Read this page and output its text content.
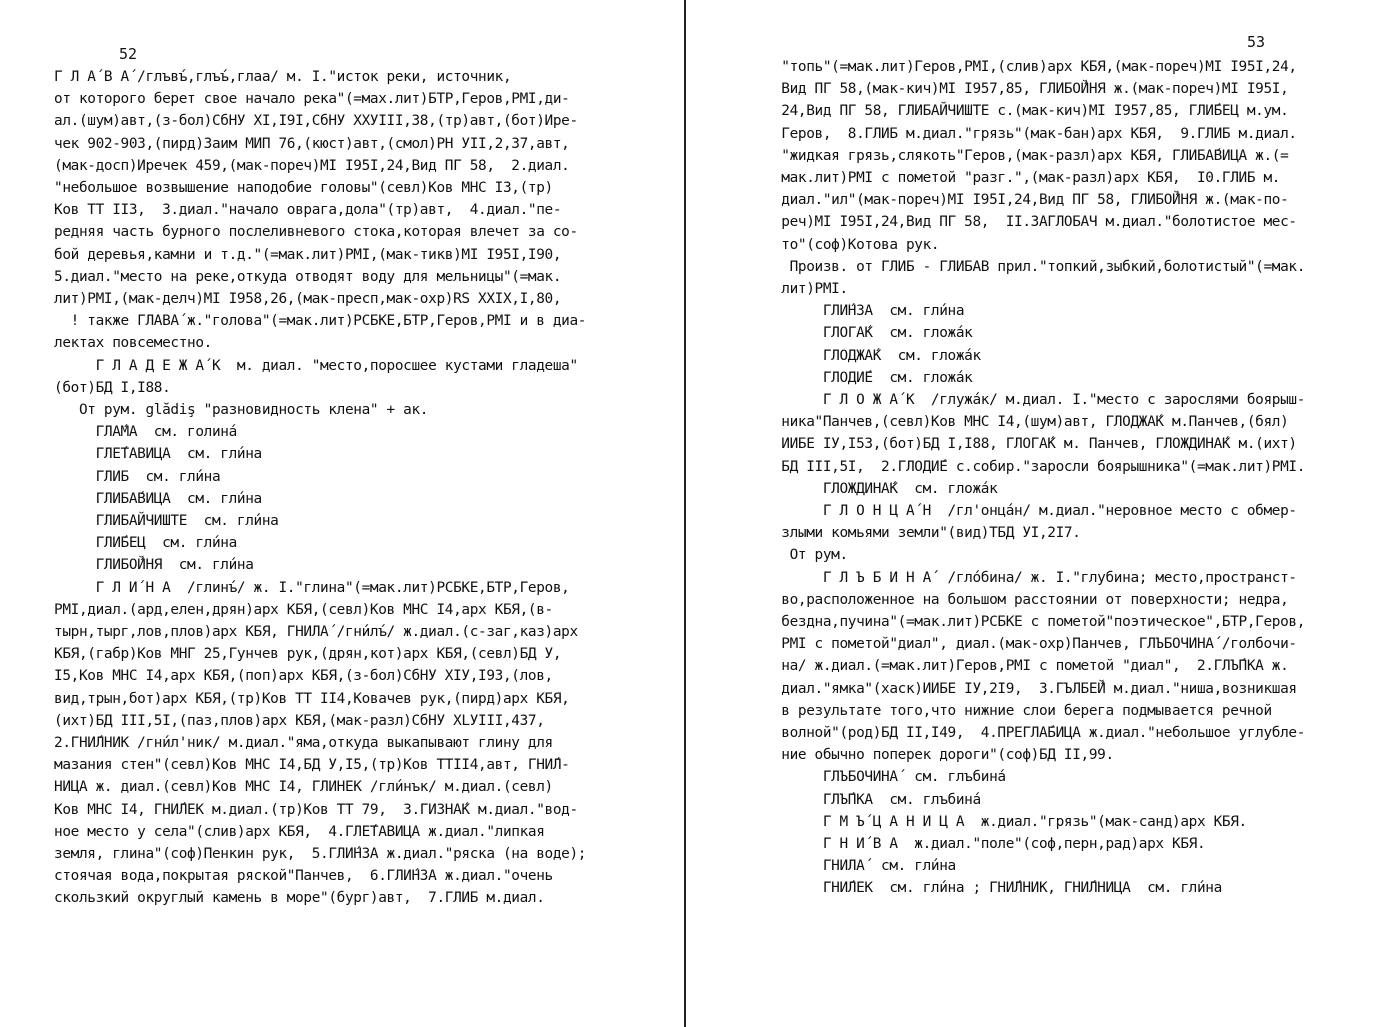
52
Г Л А́ В А́ /глъвъ́,глъъ́,глаа/ м. I."исток реки, источник,
от которого берет свое начало река"(=мах.лит)БТР,Геров,РМI,ди-
ал.(шум)авт,(з-бол)СбНУ ХI,I9I,СбНУ ХХУIII,38,(тр)авт,(бот)Ире-
чек 902-903,(пирд)Заим МИП 76,(кюст)авт,(смол)РН УII,2,37,авт,
(мак-досп)Иречек 459,(мак-пореч)МI I95I,24,Вид ПГ 58,  2.диал.
"небольшое возвышение наподобие головы"(севл)Ков МНС I3,(тр)
Ков ТТ II3,  3.диал."начало оврага,дола"(тр)авт,  4.диал."пе-
редняя часть бурного послеливневого стока,которая влечет за со-
бой деревья,камни и т.д."(=мак.лит)РМI,(мак-тикв)МI I95I,I90,
5.диал."место на реке,откуда отводят воду для мельницы"(=мак.
лит)РМI,(мак-делч)МI I958,26,(мак-пресп,мак-охр)RS ХХIХ,I,80,
! также ГЛАВА́ ж."голова"(=мак.лит)РСБКЕ,БТР,Геров,РМI и в диа-
лектах повсеместно.
Г Л А Д Е Ж А́ К  м. диал. "место,поросшее кустами гладеша"
(бот)БД I,I88.
От рум. glădiş "разновидность клена" + ак.
ГЛА́МА  см. голина́
ГЛЕ́ТАВИЦА  см. гли́на
ГЛИБ  см. гли́на
ГЛИБА́ВИЦА  см. гли́на
ГЛИБАЙЧИШТЕ  см. гли́на
ГЛИ́БЕЦ  см. гли́на
ГЛИБО́ЙНЯ  см. гли́на
Г Л И́ Н А  /глинъ́/ ж. I."глина"(=мак.лит)РСБКЕ,БТР,Геров,
РМI,диал.(ард,елен,дрян)арх КБЯ,(севл)Ков МНС I4,арх КБЯ,(в-
тырн,тырг,лов,плов)арх КБЯ, ГНИЛА́ /гни́лъ́/ ж.диал.(с-заг,каз)арх
КБЯ,(габр)Ков МНГ 25,Гунчев рук,(дрян,кот)арх КБЯ,(севл)БД У,
I5,Ков МНС I4,арх КБЯ,(поп)арх КБЯ,(з-бол)СбНУ ХIУ,I93,(лов,
вид,трын,бот)арх КБЯ,(тр)Ков ТТ II4,Ковачев рук,(пирд)арх КБЯ,
(ихт)БД III,5I,(паз,плов)арх КБЯ,(мак-разл)СбНУ ХLУIII,437,
2.ГНИ́ЛНИК /гни́л'ник/ м.диал."яма,откуда выкапывают глину для
мазания стен"(севл)Ков МНС I4,БД У,I5,(тр)Ков ТТII4,авт, ГНИ́Л-
НИЦА ж. диал.(севл)Ков МНС I4, ГЛИНЕК /гли́нък/ м.диал.(севл)
Ков МНС I4, ГНИ́ЛЕК м.диал.(тр)Ков ТТ 79,  3.ГИЗНА́К м.диал."вод-
ное место у села"(слив)арх КБЯ,  4.ГЛЕ́ТАВИЦА ж.диал."липкая
земля, глина"(соф)Пенкин рук,  5.ГЛИ́НЗА ж.диал."ряска (на воде);
стоячая вода,покрытая ряской"Панчев,  6.ГЛИ́НЗА ж.диал."очень
скользкий округлый камень в море"(бург)авт,  7.ГЛИБ м.диал.
53
"топь"(=мак.лит)Геров,РМI,(слив)арх КБЯ,(мак-пореч)МI I95I,24,
Вид ПГ 58,(мак-кич)МI I957,85, ГЛИБО́ЙНЯ ж.(мак-пореч)МI I95I,
24,Вид ПГ 58, ГЛИБАЙЧИШТЕ с.(мак-кич)МI I957,85, ГЛИ́БЕЦ м.ум.
Геров,  8.ГЛИБ м.диал."грязь"(мак-бан)арх КБЯ,  9.ГЛИБ м.диал.
"жидкая грязь,слякоть"Геров,(мак-разл)арх КБЯ, ГЛИБА́ВИЦА ж.(=
мак.лит)РМI с пометой "разг.",(мак-разл)арх КБЯ,  I0.ГЛИБ м.
диал."ил"(мак-пореч)МI I95I,24,Вид ПГ 58, ГЛИБО́ЙНЯ ж.(мак-по-
реч)МI I95I,24,Вид ПГ 58,  II.ЗАГЛОБАЧ м.диал."болотистое мес-
то"(соф)Котова рук.
Произв. от ГЛИБ - ГЛИБАВ прил."топкий,зыбкий,болотистый"(=мак.
лит)РМI.
ГЛИ́НЗА  см. гли́на
ГЛОГА́К  см. гложа́к
ГЛОДЖА́К  см. гложа́к
ГЛОДИ́Е  см. гложа́к
Г Л О Ж А́ К  /глужа́к/ м.диал. I."место с зарослями боярыш-
ника"Панчев,(севл)Ков МНС I4,(шум)авт, ГЛОДЖА́К м.Панчев,(бял)
ИИБЕ IУ,I53,(бот)БД I,I88, ГЛОГА́К м. Панчев, ГЛОЖДИНА́К м.(ихт)
БД III,5I,  2.ГЛОДИ́Е с.собир."заросли боярышника"(=мак.лит)РМI.
ГЛОЖДИНА́К  см. гложа́к
Г Л О Н Ц А́ Н  /гл'онца́н/ м.диал."неровное место с обмер-
злыми комьями земли"(вид)ТБД УI,2I7.
От рум.
Г Л Ъ Б И Н А́  /гло́бина/ ж. I."глубина; место,пространст-
во,расположенное на большом расстоянии от поверхности; недра,
бездна,пучина"(=мак.лит)РСБКЕ с пометой"поэтическое",БТР,Геров,
РМI с пометой"диал", диал.(мак-охр)Панчев, ГЛЪБОЧИНА́ /голбочи-
на/ ж.диал.(=мак.лит)Геров,РМI с пометой "диал",  2.ГЛЪ́ПКА ж.
диал."ямка"(хаск)ИИБЕ IУ,2I9,  3.ГЪЛБЕ́Й м.диал."ниша,возникшая
в результате того,что нижние слои берега подмывается речной
волной"(род)БД II,I49,  4.ПРЕГЛА́БИЦА ж.диал."небольшое углубле-
ние обычно поперек дороги"(соф)БД II,99.
ГЛЪБОЧИНА́  см. глъбина́
ГЛЪ́ПКА  см. глъбина́
Г М Ъ́ Ц А Н И Ц А  ж.диал."грязь"(мак-санд)арх КБЯ.
Г Н И́ В А  ж.диал."поле"(соф,перн,рад)арх КБЯ.
ГНИЛА́  см. гли́на
ГНИ́ЛЕК  см. гли́на ; ГНИ́ЛНИК, ГНИ́ЛНИЦА  см. гли́на
